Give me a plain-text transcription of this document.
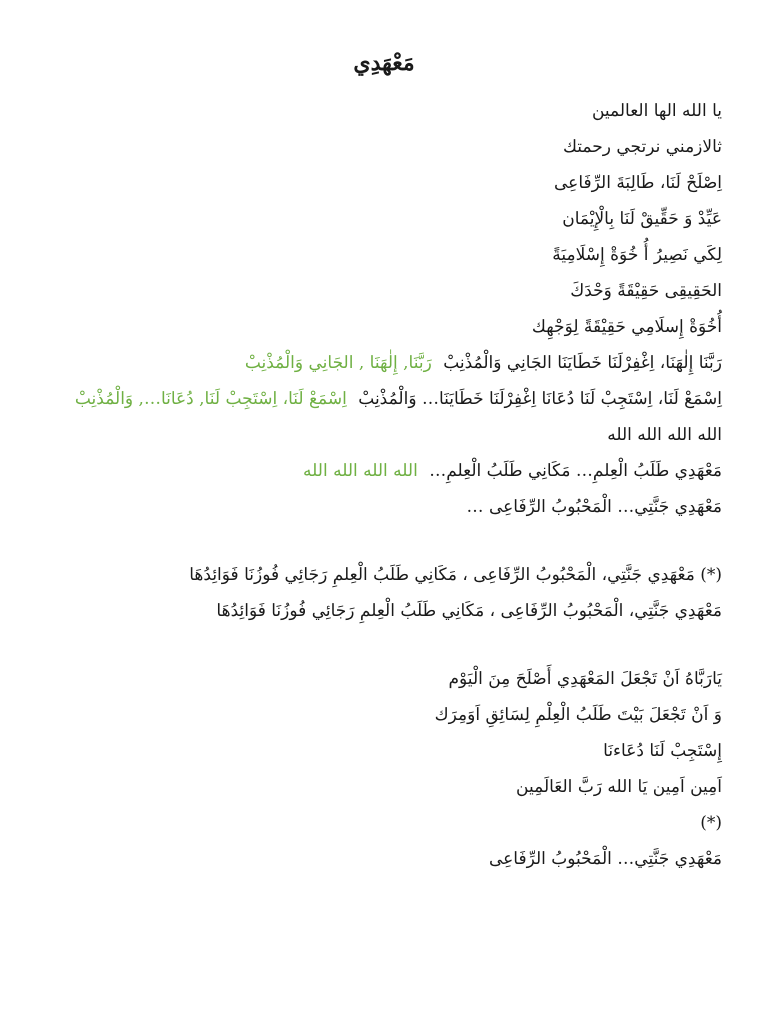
مَعْهَدِي
يا الله الها العالمين
ثالازمني نرتجي رحمتك
اِصْلَحْ لَنَا، طَالِبَةَ الرِّفَاعِى
عَيِّدْ وَ حَقِّيقْ لَنَا بِالْإِيْمَان
لِكَي نَصِيرُ أُ خُوَةْ إِسْلَامِيَةً
الحَقِيقِى حَقِيْقَةً وَحْدَكَ
أُخُوَةْ إِسلَامِي حَقِيْقَةً لِوَجْهِك
رَبَّنَا إِلٰهَنَا، اِغْفِرْلَنَا خَطَايَنَا الجَانِي وَالْمُذْنِبْ رَبَّنَا, إِلٰهَنَا , الجَانِي وَالْمُذْنِبْ
اِسْمَعْ لَنَا، اِسْتَجِبْ لَنَا دُعَانَا اِغْفِرْلَنَا خَطَايَنَا… وَالْمُذْنِبْ اِسْمَعْ لَنَا، اِسْتَجِبْ لَنَا, دُعَانَا…, وَالْمُذْنِبْ
الله الله الله الله
مَعْهَدِي طَلَبُ الْعِلمِ… مَكَانِي طَلَبُ الْعِلمِ… الله الله الله الله
مَعْهَدِي جَنَّتِي… الْمَحْبُوبُ الرِّفَاعِى …
(*) مَعْهَدِي جَنَّتِي، الْمَحْبُوبُ الرِّفَاعِى ، مَكَانِي طَلَبُ الْعِلمِ رَجَائِي فُوزُنَا فَوَائِدُهَا
مَعْهَدِي جَنَّتِي، الْمَحْبُوبُ الرِّفَاعِى ، مَكَانِي طَلَبُ الْعِلمِ رَجَائِي فُوزُنَا فَوَائِدُهَا
يَارَبَّاهُ اَنْ تَجْعَلَ المَعْهَدِي أَصْلَحَ مِنَ الْيَوْم
وَ اَنْ تَجْعَلَ بَيْتَ طَلَبُ الْعِلْمِ لِسَائِقِ اَوَمِرَك
إِسْتَجِبْ لَنَا دُعَاءنَا
اَمِين اَمِين يَا الله رَبَّ العَالَمِين
(*)
مَعْهَدِي جَنَّتِي… الْمَحْبُوبُ الرِّفَاعِى
